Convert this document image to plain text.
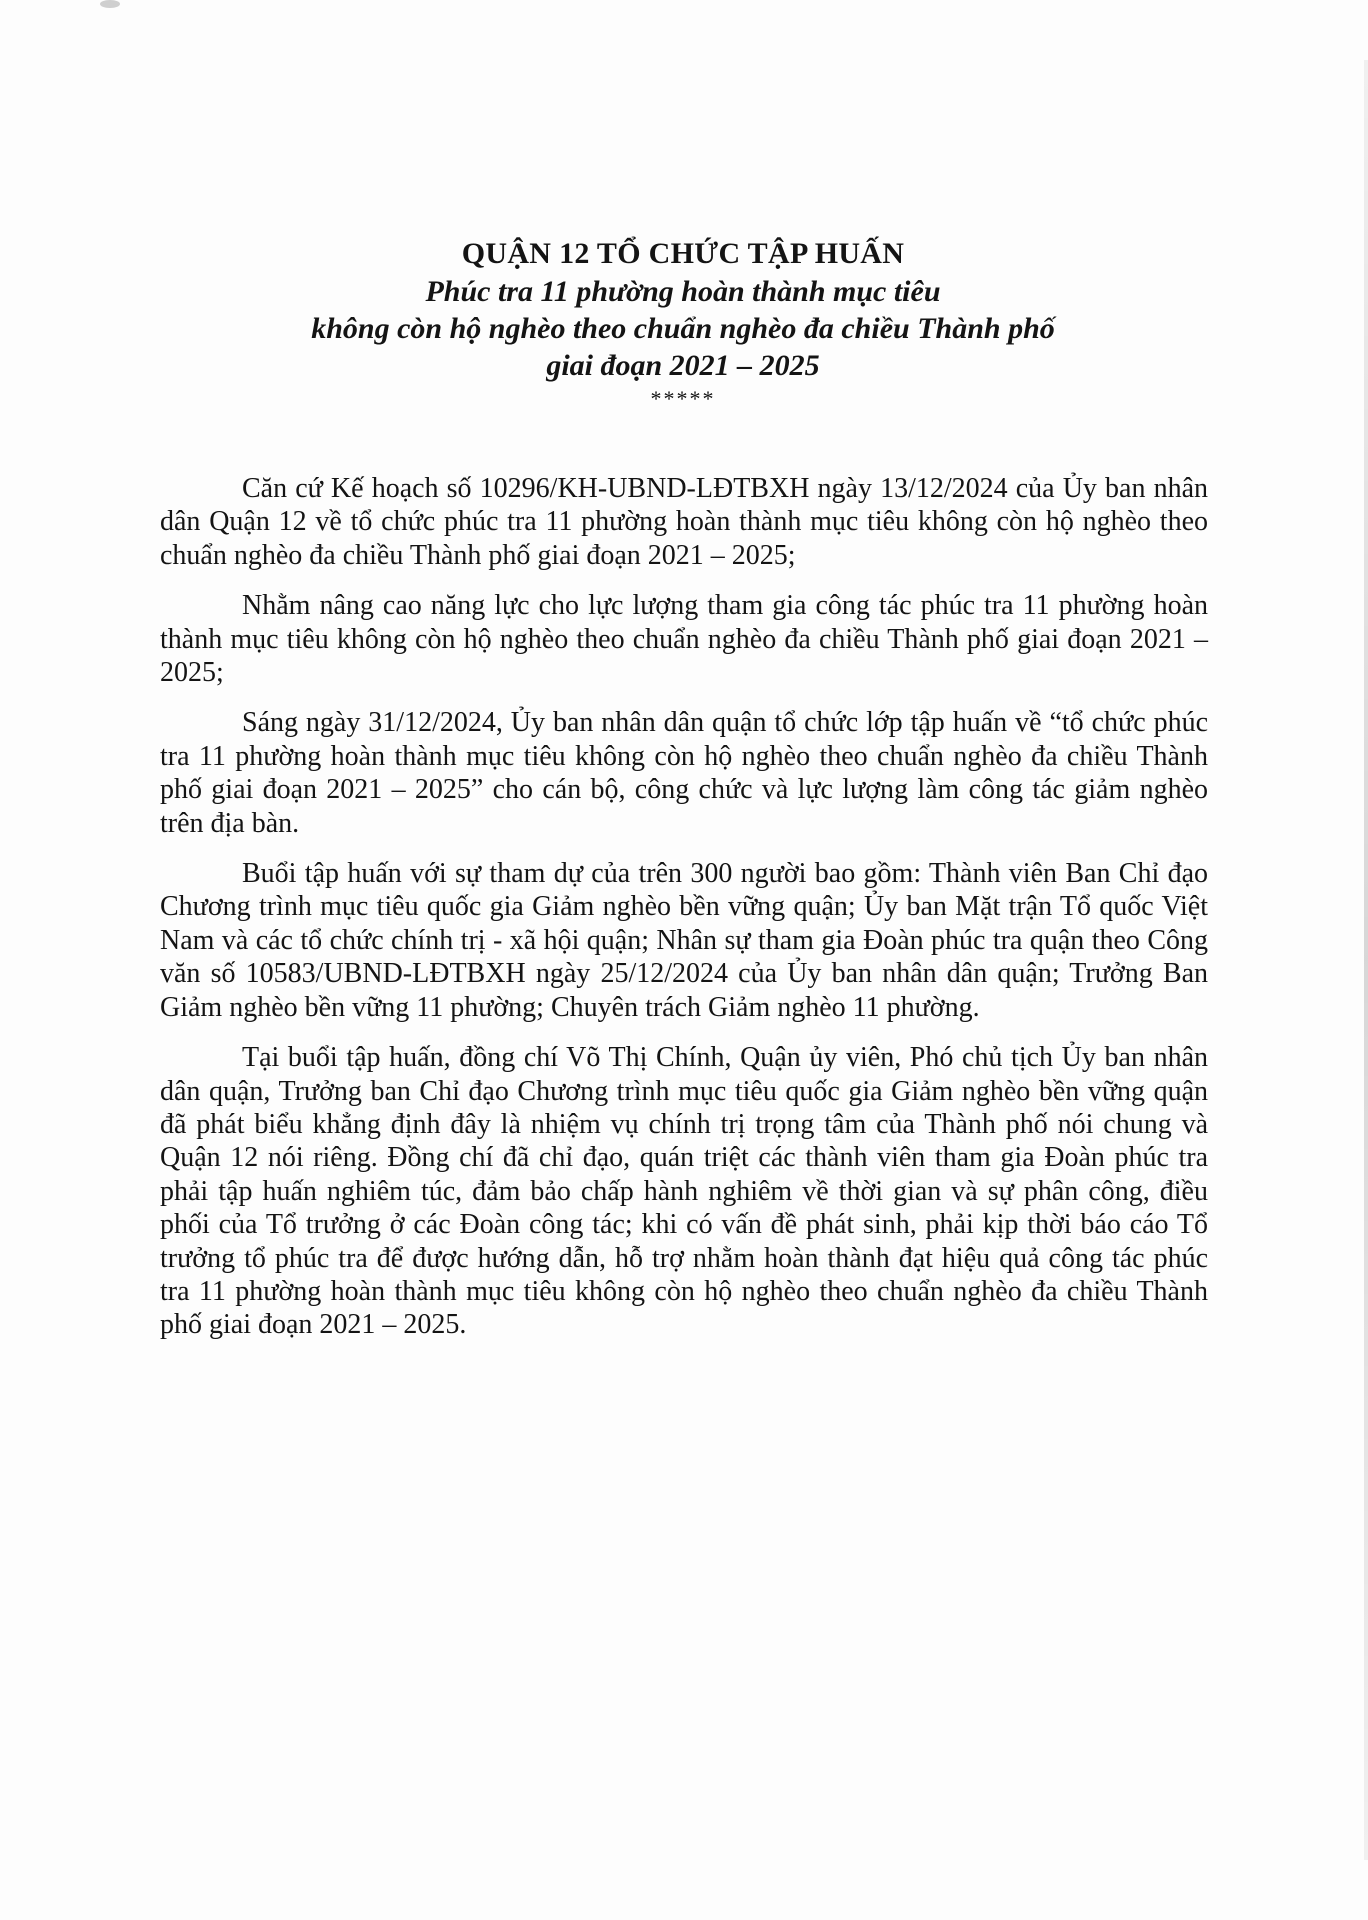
QUẬN 12 TỔ CHỨC TẬP HUẤN

Phúc tra 11 phường hoàn thành mục tiêu

không còn hộ nghèo theo chuẩn nghèo đa chiều Thành phố

giai đoạn 2021 – 2025

*****

Căn cứ Kế hoạch số 10296/KH-UBND-LĐTBXH ngày 13/12/2024 của Ủy ban nhân dân Quận 12 về tổ chức phúc tra 11 phường hoàn thành mục tiêu không còn hộ nghèo theo chuẩn nghèo đa chiều Thành phố giai đoạn 2021 – 2025;

Nhằm nâng cao năng lực cho lực lượng tham gia công tác phúc tra 11 phường hoàn thành mục tiêu không còn hộ nghèo theo chuẩn nghèo đa chiều Thành phố giai đoạn 2021 – 2025;

Sáng ngày 31/12/2024, Ủy ban nhân dân quận tổ chức lớp tập huấn về “tổ chức phúc tra 11 phường hoàn thành mục tiêu không còn hộ nghèo theo chuẩn nghèo đa chiều Thành phố giai đoạn 2021 – 2025” cho cán bộ, công chức và lực lượng làm công tác giảm nghèo trên địa bàn.

Buổi tập huấn với sự tham dự của trên 300 người bao gồm: Thành viên Ban Chỉ đạo Chương trình mục tiêu quốc gia Giảm nghèo bền vững quận; Ủy ban Mặt trận Tổ quốc Việt Nam và các tổ chức chính trị - xã hội quận; Nhân sự tham gia Đoàn phúc tra quận theo Công văn số 10583/UBND-LĐTBXH ngày 25/12/2024 của Ủy ban nhân dân quận; Trưởng Ban Giảm nghèo bền vững 11 phường; Chuyên trách Giảm nghèo 11 phường.

Tại buổi tập huấn, đồng chí Võ Thị Chính, Quận ủy viên, Phó chủ tịch Ủy ban nhân dân quận, Trưởng ban Chỉ đạo Chương trình mục tiêu quốc gia Giảm nghèo bền vững quận đã phát biểu khẳng định đây là nhiệm vụ chính trị trọng tâm của Thành phố nói chung và Quận 12 nói riêng. Đồng chí đã chỉ đạo, quán triệt các thành viên tham gia Đoàn phúc tra phải tập huấn nghiêm túc, đảm bảo chấp hành nghiêm về thời gian và sự phân công, điều phối của Tổ trưởng ở các Đoàn công tác; khi có vấn đề phát sinh, phải kịp thời báo cáo Tổ trưởng tổ phúc tra để được hướng dẫn, hỗ trợ nhằm hoàn thành đạt hiệu quả công tác phúc tra 11 phường hoàn thành mục tiêu không còn hộ nghèo theo chuẩn nghèo đa chiều Thành phố giai đoạn 2021 – 2025.
